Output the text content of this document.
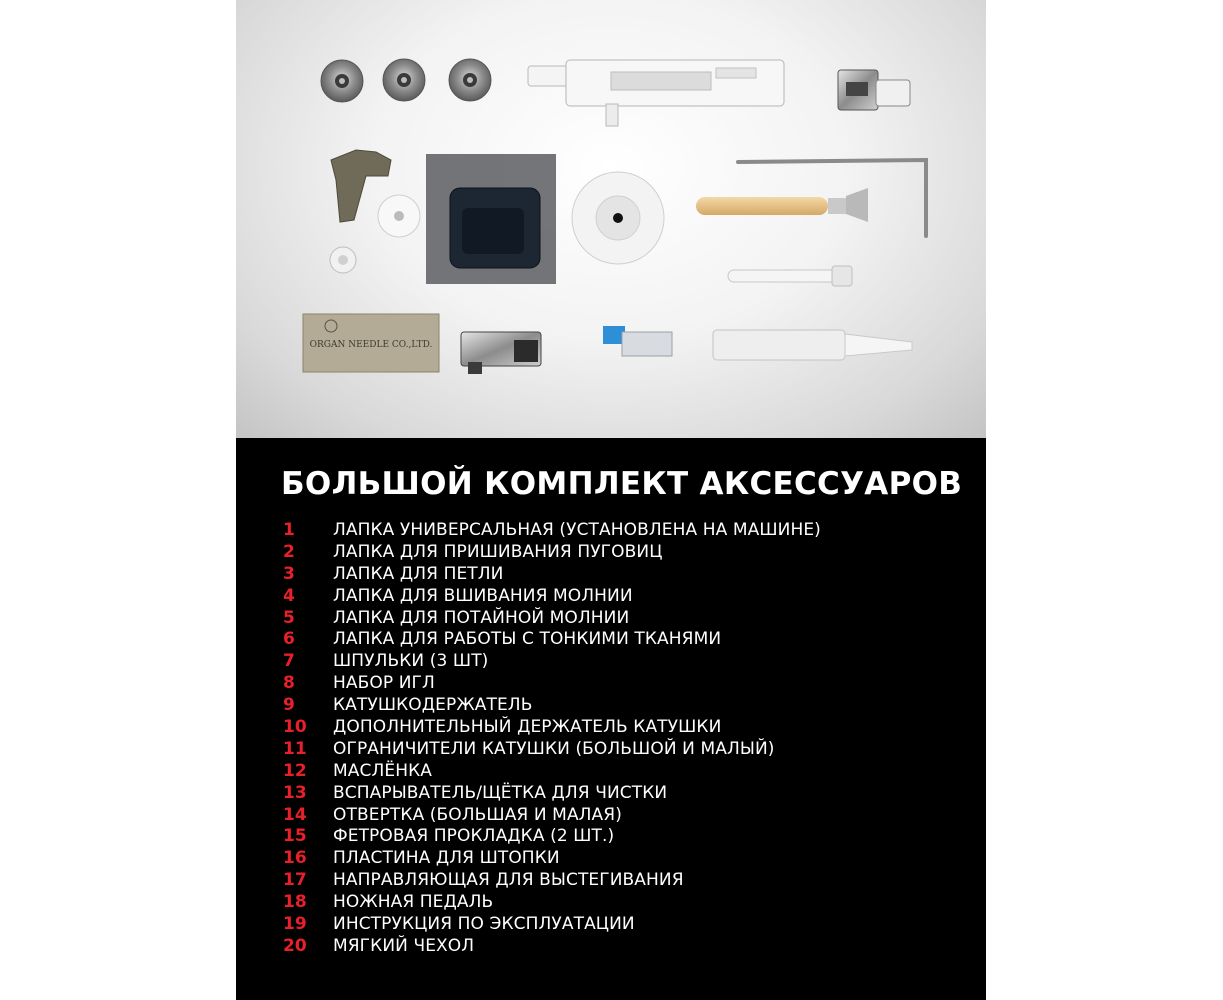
ORGAN NEEDLE CO.,LTD.
БОЛЬШОЙ КОМПЛЕКТ АКСЕССУАРОВ
1	ЛАПКА УНИВЕРСАЛЬНАЯ (УСТАНОВЛЕНА НА МАШИНЕ)
2	ЛАПКА ДЛЯ ПРИШИВАНИЯ ПУГОВИЦ
3	ЛАПКА ДЛЯ ПЕТЛИ
4	ЛАПКА ДЛЯ ВШИВАНИЯ МОЛНИИ
5	ЛАПКА ДЛЯ ПОТАЙНОЙ МОЛНИИ
6	ЛАПКА ДЛЯ РАБОТЫ С ТОНКИМИ ТКАНЯМИ
7	ШПУЛЬКИ (3 ШТ)
8	НАБОР ИГЛ
9	КАТУШКОДЕРЖАТЕЛЬ
10	ДОПОЛНИТЕЛЬНЫЙ ДЕРЖАТЕЛЬ КАТУШКИ
11	ОГРАНИЧИТЕЛИ КАТУШКИ (БОЛЬШОЙ И МАЛЫЙ)
12	МАСЛЁНКА
13	ВСПАРЫВАТЕЛЬ/ЩЁТКА ДЛЯ ЧИСТКИ
14	ОТВЕРТКА (БОЛЬШАЯ И МАЛАЯ)
15	ФЕТРОВАЯ ПРОКЛАДКА (2 ШТ.)
16	ПЛАСТИНА ДЛЯ ШТОПКИ
17	НАПРАВЛЯЮЩАЯ ДЛЯ ВЫСТЕГИВАНИЯ
18	НОЖНАЯ ПЕДАЛЬ
19	ИНСТРУКЦИЯ ПО ЭКСПЛУАТАЦИИ
20	МЯГКИЙ ЧЕХОЛ
